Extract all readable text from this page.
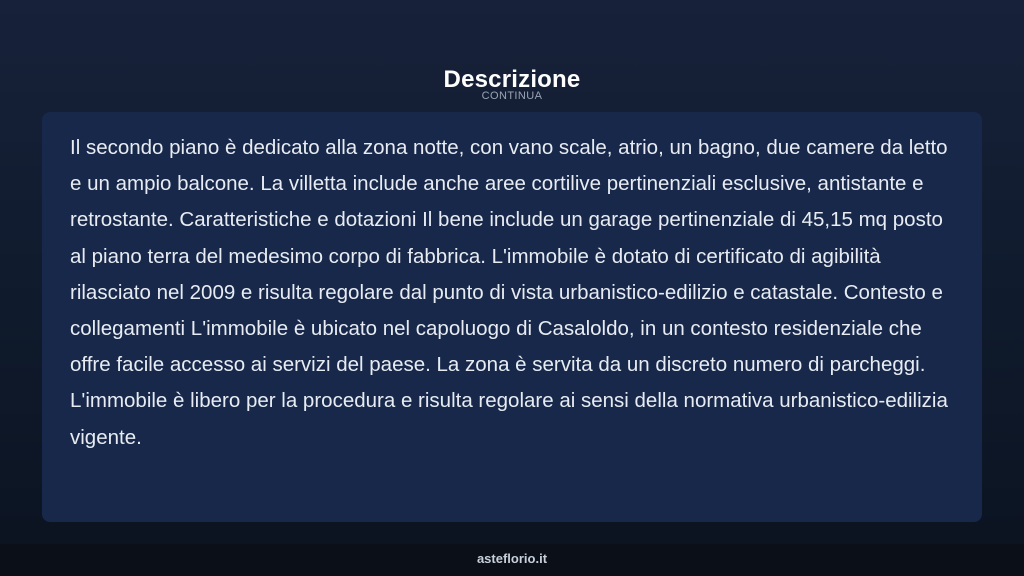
Descrizione
CONTINUA

Il secondo piano è dedicato alla zona notte, con vano scale, atrio, un bagno, due camere da letto e un ampio balcone. La villetta include anche aree cortilive pertinenziali esclusive, antistante e retrostante. Caratteristiche e dotazioni Il bene include un garage pertinenziale di 45,15 mq posto al piano terra del medesimo corpo di fabbrica. L'immobile è dotato di certificato di agibilità rilasciato nel 2009 e risulta regolare dal punto di vista urbanistico-edilizio e catastale. Contesto e collegamenti L'immobile è ubicato nel capoluogo di Casaloldo, in un contesto residenziale che offre facile accesso ai servizi del paese. La zona è servita da un discreto numero di parcheggi. L'immobile è libero per la procedura e risulta regolare ai sensi della normativa urbanistico-edilizia vigente.

asteflorio.it
